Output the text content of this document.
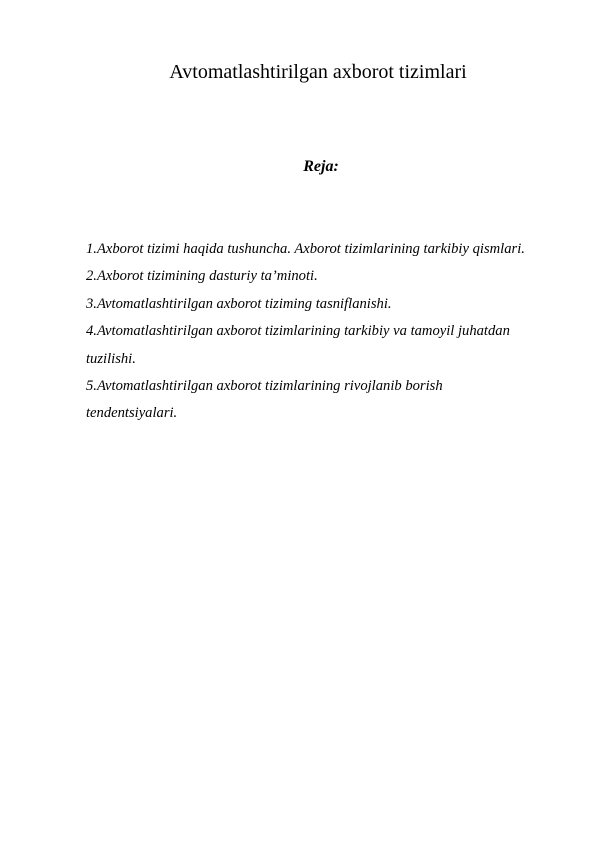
Avtomatlashtirilgan axborot tizimlari
Reja:
1.Axborot tizimi haqida tushuncha. Axborot tizimlarining tarkibiy qismlari.
2.Axborot tizimining dasturiy ta’minoti.
3.Avtomatlashtirilgan axborot tiziming tasniflanishi.
4.Avtomatlashtirilgan axborot tizimlarining tarkibiy va tamoyil juhatdan tuzilishi.
5.Avtomatlashtirilgan axborot tizimlarining rivojlanib borish tendentsiyalari.
